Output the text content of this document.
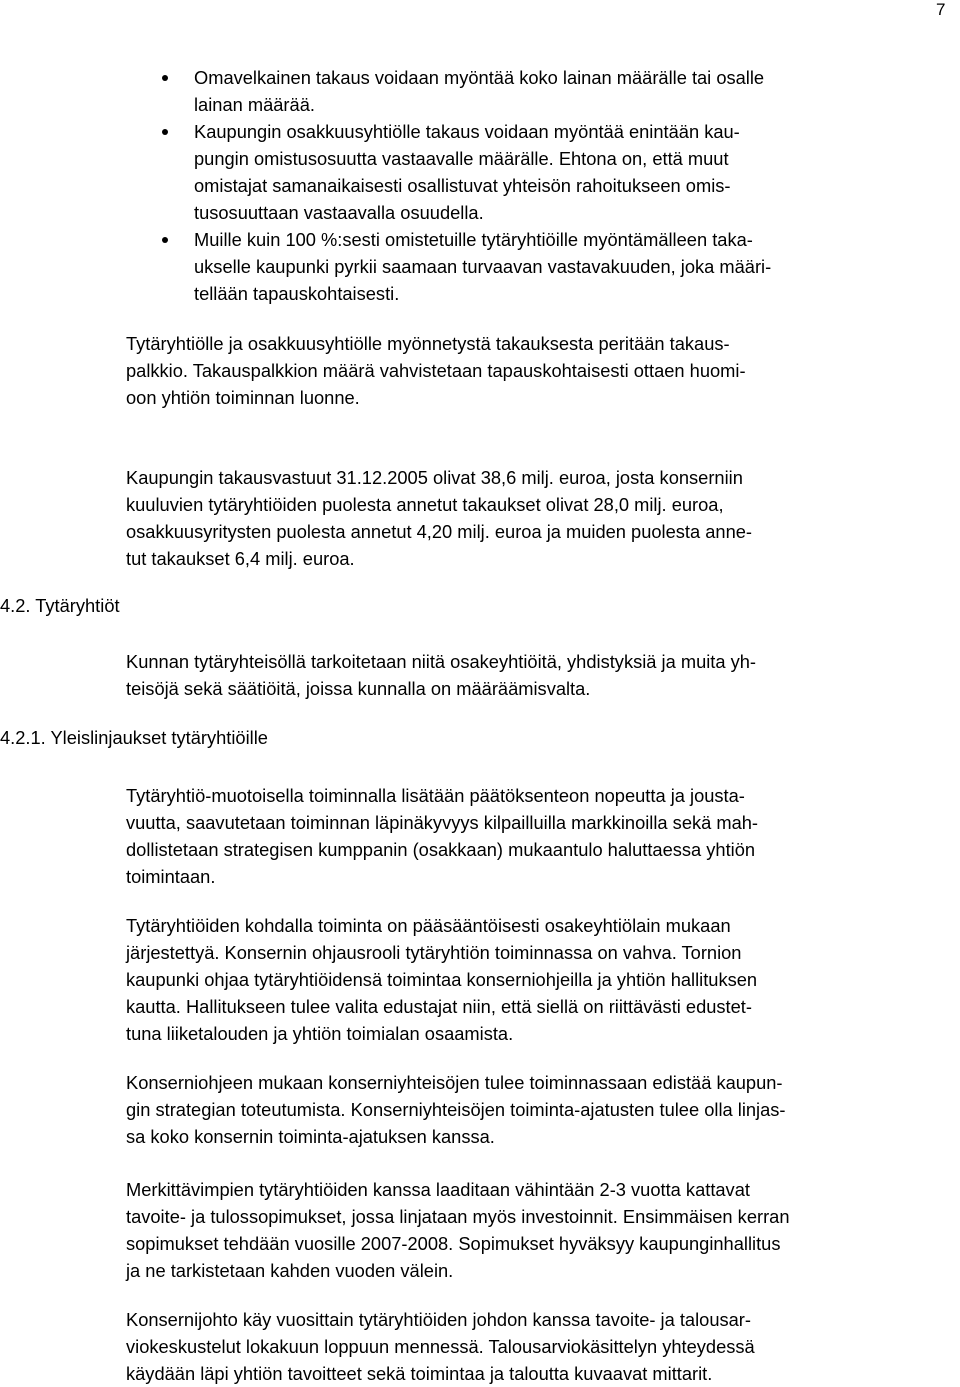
7
Omavelkainen takaus voidaan myöntää koko lainan määrälle tai osalle
lainan määrää.
Kaupungin osakkuusyhtiölle takaus voidaan myöntää enintään kau-
pungin omistusosuutta vastaavalle määrälle. Ehtona on, että muut
omistajat samanaikaisesti osallistuvat yhteisön rahoitukseen omis-
tusosuuttaan vastaavalla osuudella.
Muille kuin 100 %:sesti omistetuille tytäryhtiöille myöntämälleen taka-
ukselle kaupunki pyrkii saamaan turvaavan vastavakuuden, joka määri-
tellään tapauskohtaisesti.

Tytäryhtiölle ja osakkuusyhtiölle myönnetystä takauksesta peritään takaus-
palkkio. Takauspalkkion määrä vahvistetaan tapauskohtaisesti ottaen huomi-
oon yhtiön toiminnan luonne.

Kaupungin takausvastuut 31.12.2005 olivat 38,6 milj. euroa, josta konserniin
kuuluvien tytäryhtiöiden puolesta annetut takaukset olivat 28,0 milj. euroa,
osakkuusyritysten puolesta annetut 4,20 milj. euroa ja muiden puolesta anne-
tut takaukset 6,4 milj. euroa.

4.2. Tytäryhtiöt

Kunnan tytäryhteisöllä tarkoitetaan niitä osakeyhtiöitä, yhdistyksiä ja muita yh-
teisöjä sekä säätiöitä, joissa kunnalla on määräämisvalta.

4.2.1. Yleislinjaukset tytäryhtiöille

Tytäryhtiö-muotoisella toiminnalla lisätään päätöksenteon nopeutta ja jousta-
vuutta, saavutetaan toiminnan läpinäkyvyys kilpailluilla markkinoilla sekä mah-
dollistetaan strategisen kumppanin (osakkaan) mukaantulo haluttaessa yhtiön
toimintaan.

Tytäryhtiöiden kohdalla toiminta on pääsääntöisesti osakeyhtiölain mukaan
järjestettyä. Konsernin ohjausrooli tytäryhtiön toiminnassa on vahva. Tornion
kaupunki ohjaa tytäryhtiöidensä toimintaa konserniohjeilla ja yhtiön hallituksen
kautta. Hallitukseen tulee valita edustajat niin, että siellä on riittävästi edustet-
tuna liiketalouden ja yhtiön toimialan osaamista.

Konserniohjeen mukaan konserniyhteisöjen tulee toiminnassaan edistää kaupun-
gin strategian toteutumista. Konserniyhteisöjen toiminta-ajatusten tulee olla linjas-
sa koko konsernin toiminta-ajatuksen kanssa.

Merkittävimpien tytäryhtiöiden kanssa laaditaan vähintään 2-3 vuotta kattavat
tavoite- ja tulossopimukset, jossa linjataan myös investoinnit. Ensimmäisen kerran
sopimukset tehdään vuosille 2007-2008. Sopimukset hyväksyy kaupunginhallitus
ja ne tarkistetaan kahden vuoden välein.

Konsernijohto käy vuosittain tytäryhtiöiden johdon kanssa tavoite- ja talousar-
viokeskustelut lokakuun loppuun mennessä. Talousarviokäsittelyn yhteydessä
käydään läpi yhtiön tavoitteet sekä toimintaa ja taloutta kuvaavat mittarit.
